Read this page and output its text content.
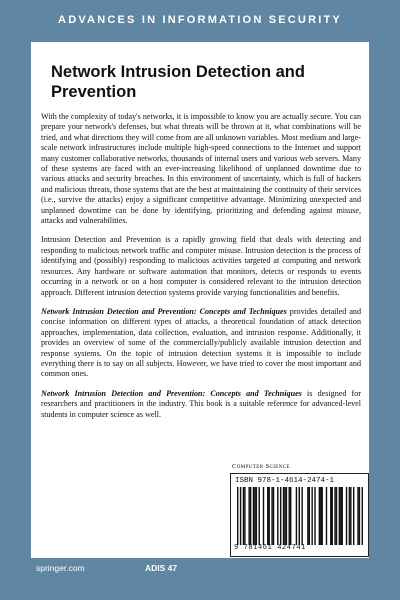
ADVANCES IN INFORMATION SECURITY
Network Intrusion Detection and Prevention

With the complexity of today's networks, it is impossible to know you are actually secure. You can prepare your network's defenses, but what threats will be thrown at it, what combinations will be tried, and what directions they will come from are all unknown variables. Most medium and large-scale network infrastructures include multiple high-speed connections to the Internet and support many customer collaborative networks, thousands of internal users and various web servers. Many of these systems are faced with an ever-increasing likelihood of unplanned downtime due to various attacks and security breaches. In this environment of uncertainty, which is full of hackers and malicious threats, those systems that are the best at maintaining the continuity of their services (i.e., survive the attacks) enjoy a significant competitive advantage. Minimizing unexpected and unplanned downtime can be done by identifying, prioritizing and defending against misuse, attacks and vulnerabilities.

Intrusion Detection and Prevention is a rapidly growing field that deals with detecting and responding to malicious network traffic and computer misuse. Intrusion detection is the process of identifying and (possibly) responding to malicious activities targeted at computing and network resources. Any hardware or software automation that monitors, detects or responds to events occurring in a network or on a host computer is considered relevant to the intrusion detection approach. Different intrusion detection systems provide varying functionalities and benefits.

Network Intrusion Detection and Prevention: Concepts and Techniques provides detailed and concise information on different types of attacks, a theoretical foundation of attack detection approaches, implementation, data collection, evaluation, and intrusion response. Additionally, it provides an overview of some of the commercially/publicly available intrusion detection and response systems. On the topic of intrusion detection systems it is impossible to include everything there is to say on all subjects. However, we have tried to cover the most important and common ones.

Network Intrusion Detection and Prevention: Concepts and Techniques is designed for researchers and practitioners in the industry. This book is a suitable reference for advanced-level students in computer science as well.

Computer Science
ISBN 978-1-4614-2474-1
9 781461 424741
springer.com	ADIS 47
